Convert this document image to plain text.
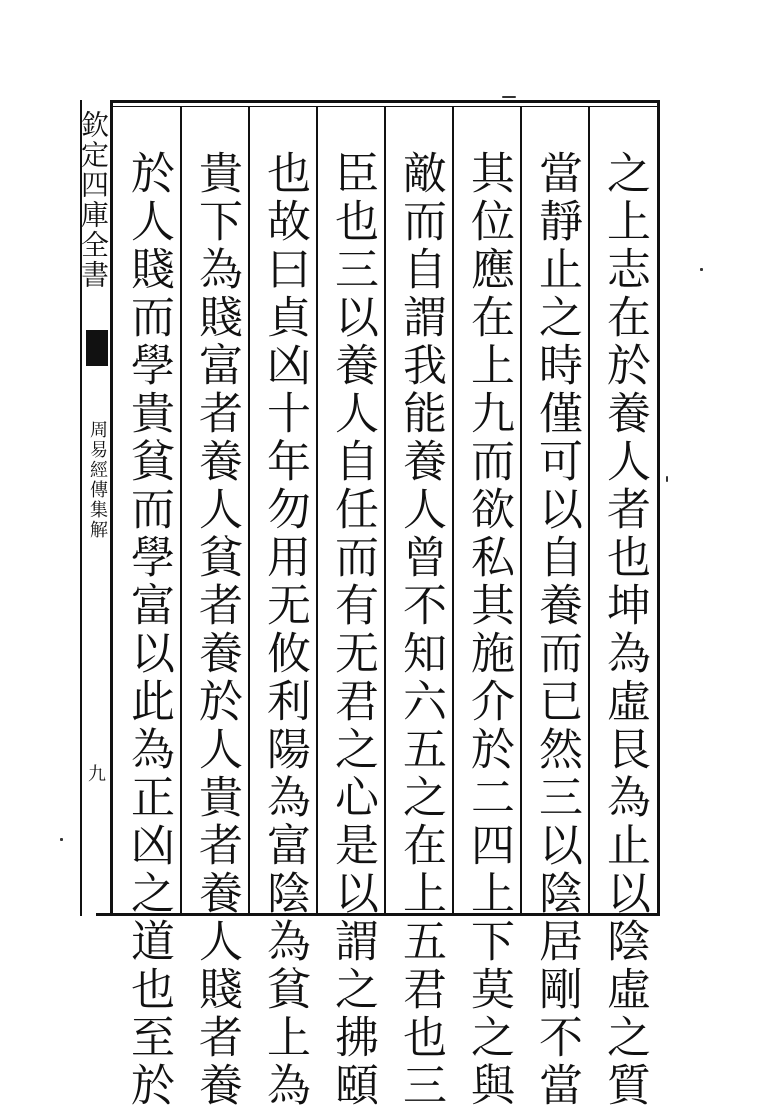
欽定四庫全書
周易經傳集解
九	之上志在於養人者也坤為虛艮為止以陰虛之質
當靜止之時僅可以自養而已然三以陰居剛不當
其位應在上九而欲私其施介於二四上下莫之與
敵而自謂我能養人曾不知六五之在上五君也三
臣也三以養人自任而有无君之心是以謂之拂頤
也故曰貞凶十年勿用无攸利陽為富陰為貧上為
貴下為賤富者養人貧者養於人貴者養人賤者養
於人賤而學貴貧而學富以此為正凶之道也至於
